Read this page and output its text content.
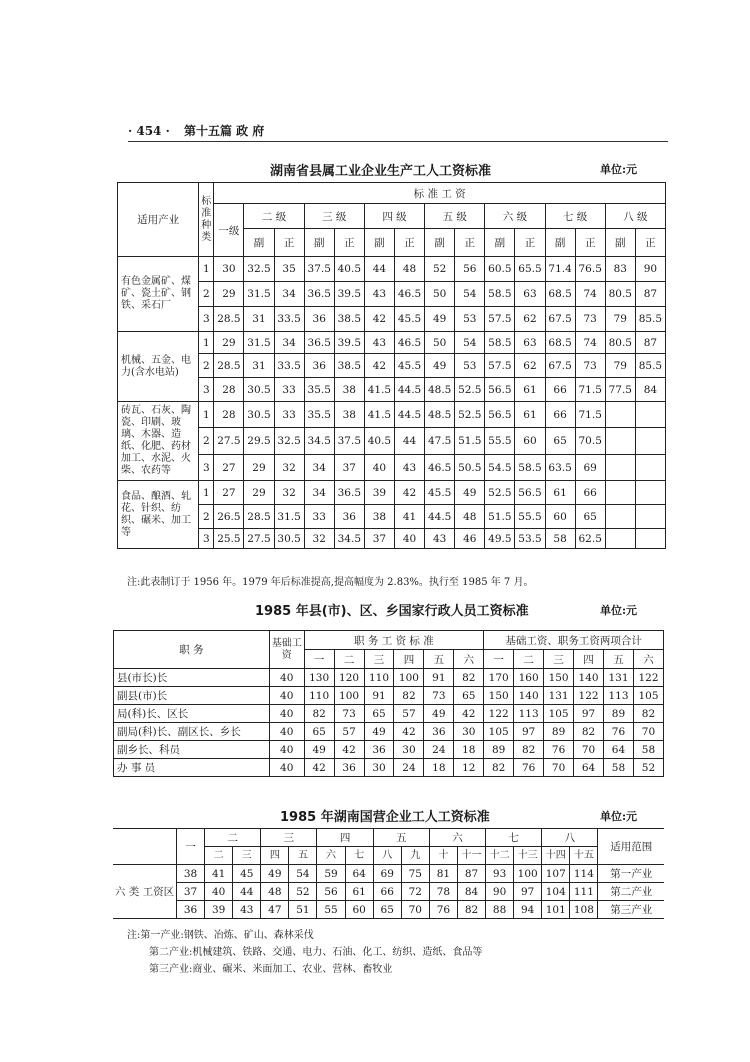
· 454 · 第十五篇 政 府
湖南省县属工业企业生产工人工资标准	单位:元
适用产业	标准种类	标 准 工 资														
		一级	二 级		三 级		四 级		五 级		六 级		七 级		八 级	
			副	正	副	正	副	正	副	正	副	正	副	正	副	正
有色金属矿、煤矿、瓷土矿、钢铁、采石厂	1	30	32.5	35	37.5	40.5	44	48	52	56	60.5	65.5	71.4	76.5	83	90
	2	29	31.5	34	36.5	39.5	43	46.5	50	54	58.5	63	68.5	74	80.5	87
	3	28.5	31	33.5	36	38.5	42	45.5	49	53	57.5	62	67.5	73	79	85.5
机械、五金、电力(含水电站)	1	29	31.5	34	36.5	39.5	43	46.5	50	54	58.5	63	68.5	74	80.5	87
	2	28.5	31	33.5	36	38.5	42	45.5	49	53	57.5	62	67.5	73	79	85.5
	3	28	30.5	33	35.5	38	41.5	44.5	48.5	52.5	56.5	61	66	71.5	77.5	84
砖瓦、石灰、陶瓷、印刷、玻璃、木器、造纸、化肥、药材加工、水泥、火柴、农药等	1	28	30.5	33	35.5	38	41.5	44.5	48.5	52.5	56.5	61	66	71.5		
	2	27.5	29.5	32.5	34.5	37.5	40.5	44	47.5	51.5	55.5	60	65	70.5		
	3	27	29	32	34	37	40	43	46.5	50.5	54.5	58.5	63.5	69		
食品、酿酒、轧花、针织、纺织、碾米、加工等	1	27	29	32	34	36.5	39	42	45.5	49	52.5	56.5	61	66		
	2	26.5	28.5	31.5	33	36	38	41	44.5	48	51.5	55.5	60	65		
	3	25.5	27.5	30.5	32	34.5	37	40	43	46	49.5	53.5	58	62.5		
注:此表制订于 1956 年。1979 年后标准提高,提高幅度为 2.83%。执行至 1985 年 7 月。
1985 年县(市)、区、乡国家行政人员工资标准	单位:元
职 务	基础工资	职 务 工 资 标 准						基础工资、职务工资两项合计					
		一	二	三	四	五	六	一	二	三	四	五	六
县(市长)长	40	130	120	110	100	91	82	170	160	150	140	131	122
副县(市)长	40	110	100	91	82	73	65	150	140	131	122	113	105
局(科)长、区长	40	82	73	65	57	49	42	122	113	105	97	89	82
副局(科)长、副区长、乡长	40	65	57	49	42	36	30	105	97	89	82	76	70
副乡长、科员	40	49	42	36	30	24	18	89	82	76	70	64	58
办 事 员	40	42	36	30	24	18	12	82	76	70	64	58	52
1985 年湖南国营企业工人工资标准	单位:元
	一	二		三		四		五		六		七		八		适用范围
		二	三	四	五	六	七	八	九	十	十一	十二	十三	十四	十五	
六 类 工资区	38	41	45	49	54	59	64	69	75	81	87	93	100	107	114	第一产业
	37	40	44	48	52	56	61	66	72	78	84	90	97	104	111	第二产业
	36	39	43	47	51	55	60	65	70	76	82	88	94	101	108	第三产业
注:第一产业:钢铁、冶炼、矿山、森林采伐
第二产业:机械建筑、铁路、交通、电力、石油、化工、纺织、造纸、食品等
第三产业:商业、碾米、米面加工、农业、营林、畜牧业
